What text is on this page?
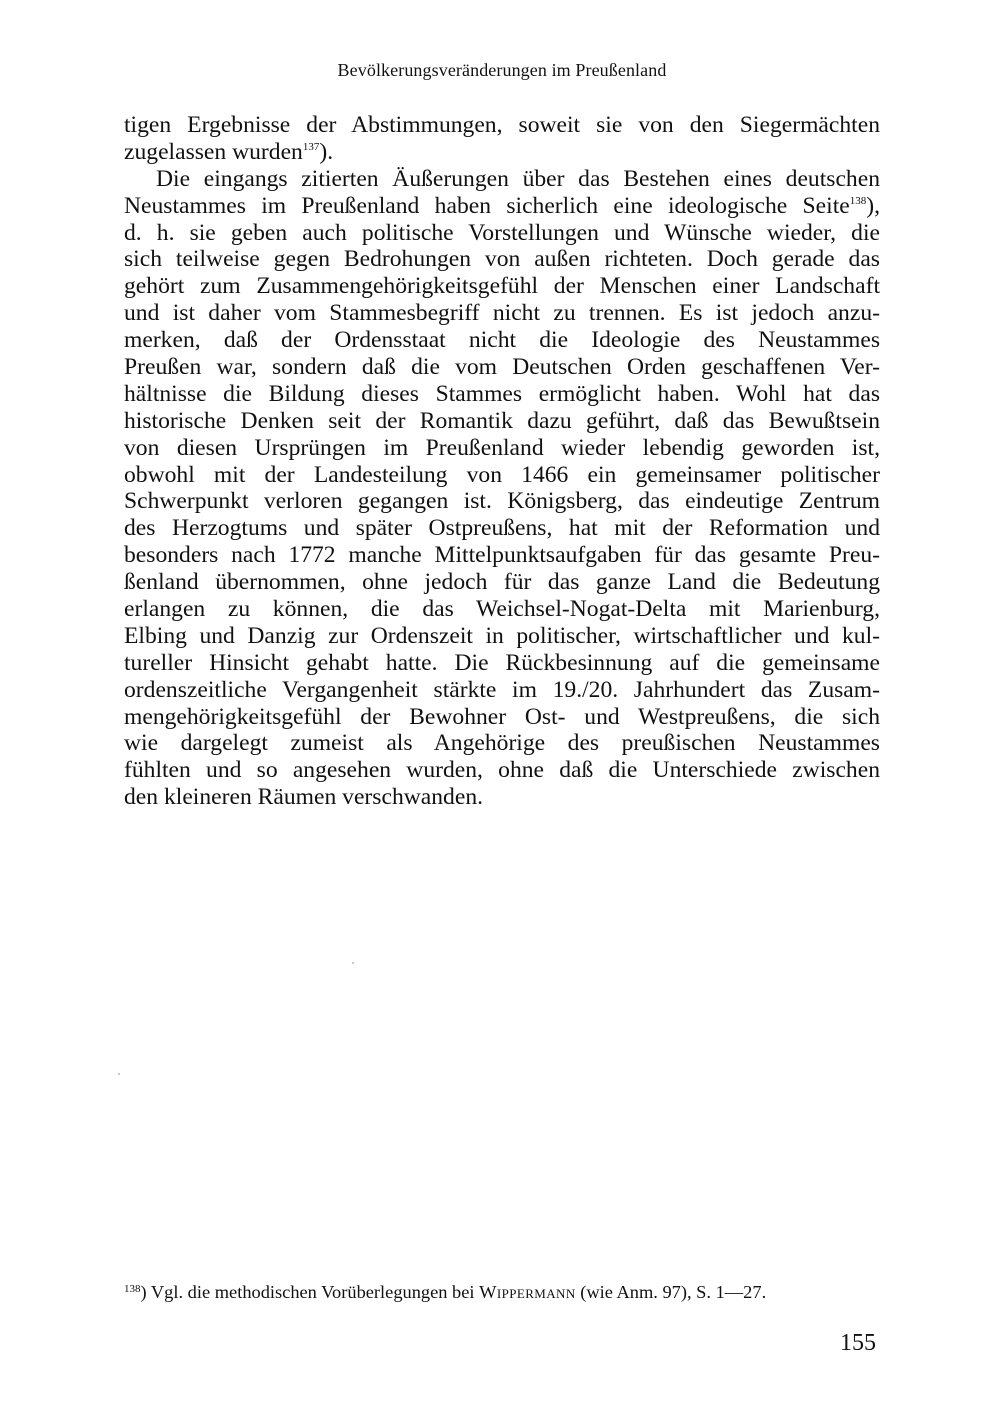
Bevölkerungsveränderungen im Preußenland
tigen Ergebnisse der Abstimmungen, soweit sie von den Siegermächten
zugelassen wurden$^{137}$).
Die eingangs zitierten Äußerungen über das Bestehen eines deutschen
Neustammes im Preußenland haben sicherlich eine ideologische Seite$^{138}$),
d. h. sie geben auch politische Vorstellungen und Wünsche wieder, die
sich teilweise gegen Bedrohungen von außen richteten. Doch gerade das
gehört zum Zusammengehörigkeitsgefühl der Menschen einer Landschaft
und ist daher vom Stammesbegriff nicht zu trennen. Es ist jedoch anzu-
merken, daß der Ordensstaat nicht die Ideologie des Neustammes
Preußen war, sondern daß die vom Deutschen Orden geschaffenen Ver-
hältnisse die Bildung dieses Stammes ermöglicht haben. Wohl hat das
historische Denken seit der Romantik dazu geführt, daß das Bewußtsein
von diesen Ursprüngen im Preußenland wieder lebendig geworden ist,
obwohl mit der Landesteilung von 1466 ein gemeinsamer politischer
Schwerpunkt verloren gegangen ist. Königsberg, das eindeutige Zentrum
des Herzogtums und später Ostpreußens, hat mit der Reformation und
besonders nach 1772 manche Mittelpunktsaufgaben für das gesamte Preu-
ßenland übernommen, ohne jedoch für das ganze Land die Bedeutung
erlangen zu können, die das Weichsel-Nogat-Delta mit Marienburg,
Elbing und Danzig zur Ordenszeit in politischer, wirtschaftlicher und kul-
tureller Hinsicht gehabt hatte. Die Rückbesinnung auf die gemeinsame
ordenszeitliche Vergangenheit stärkte im 19./20. Jahrhundert das Zusam-
mengehörigkeitsgefühl der Bewohner Ost- und Westpreußens, die sich
wie dargelegt zumeist als Angehörige des preußischen Neustammes
fühlten und so angesehen wurden, ohne daß die Unterschiede zwischen
den kleineren Räumen verschwanden.
$^{138}$) Vgl. die methodischen Vorüberlegungen bei Wippermann (wie Anm. 97), S. 1—27.
155
